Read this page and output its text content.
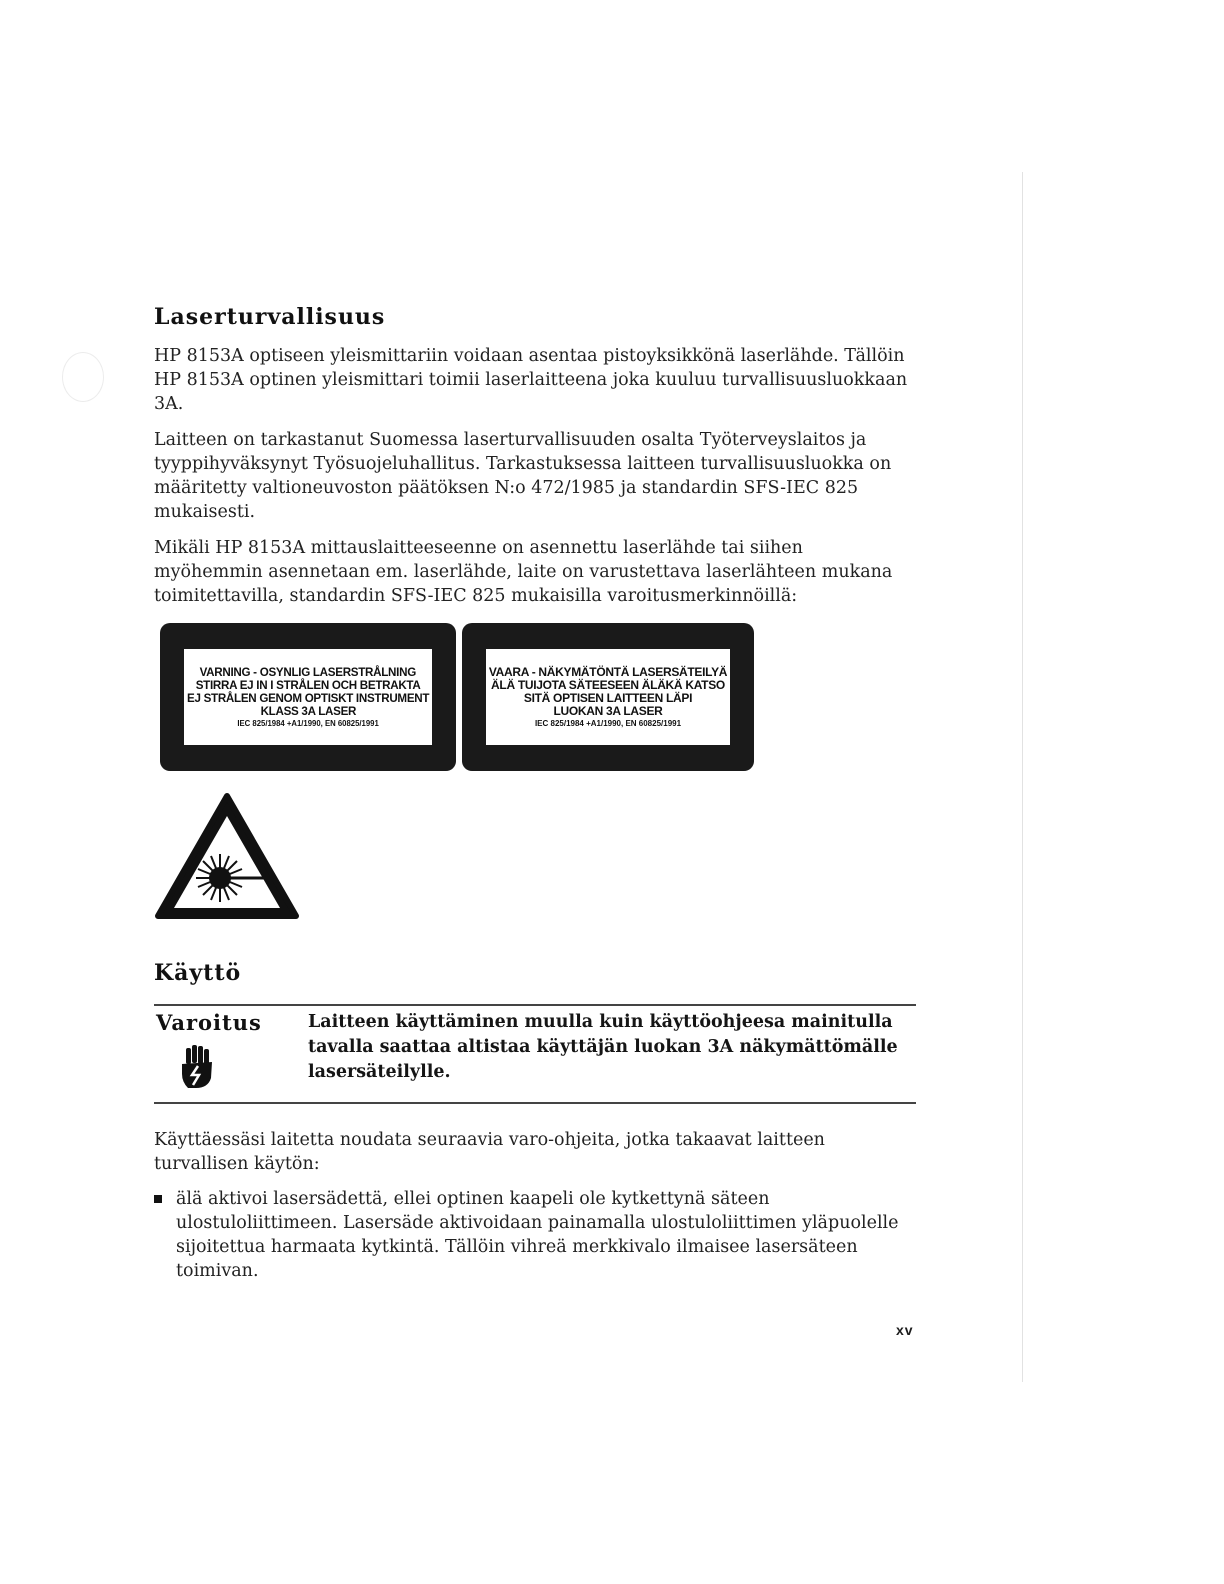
Laserturvallisuus

HP 8153A optiseen yleismittariin voidaan asentaa pistoyksikkönä laserlähde. Tällöin HP 8153A optinen yleismittari toimii laserlaitteena joka kuuluu turvallisuusluokkaan 3A.

Laitteen on tarkastanut Suomessa laserturvallisuuden osalta Työterveyslaitos ja tyyppihyväksynyt Työsuojeluhallitus. Tarkastuksessa laitteen turvallisuusluokka on määritetty valtioneuvoston päätöksen N:o 472/1985 ja standardin SFS-IEC 825 mukaisesti.

Mikäli HP 8153A mittauslaitteeseenne on asennettu laserlähde tai siihen myöhemmin asennetaan em. laserlähde, laite on varustettava laserlähteen mukana toimitettavilla, standardin SFS-IEC 825 mukaisilla varoitusmerkinnöillä:

VARNING - OSYNLIG LASERSTRÅLNING
STIRRA EJ IN I STRÅLEN OCH BETRAKTA
EJ STRÅLEN GENOM OPTISKT INSTRUMENT
KLASS 3A LASER
IEC 825/1984 +A1/1990, EN 60825/1991
VAARA - NÄKYMÄTÖNTÄ LASERSÄTEILYÄ
ÄLÄ TUIJOTA SÄTEESEEN ÄLÄKÄ KATSO
SITÄ OPTISEN LAITTEEN LÄPI
LUOKAN 3A LASER
IEC 825/1984 +A1/1990, EN 60825/1991
Käyttö
Varoitus	Laitteen käyttäminen muulla kuin käyttöohjeesa mainitulla tavalla saattaa altistaa käyttäjän luokan 3A näkymättömälle lasersäteilylle.

Käyttäessäsi laitetta noudata seuraavia varo-ohjeita, jotka takaavat laitteen turvallisen käytön:

älä aktivoi lasersädettä, ellei optinen kaapeli ole kytkettynä säteen ulostuloliittimeen. Lasersäde aktivoidaan painamalla ulostuloliittimen yläpuolelle sijoitettua harmaata kytkintä. Tällöin vihreä merkkivalo ilmaisee lasersäteen toimivan.

xv
